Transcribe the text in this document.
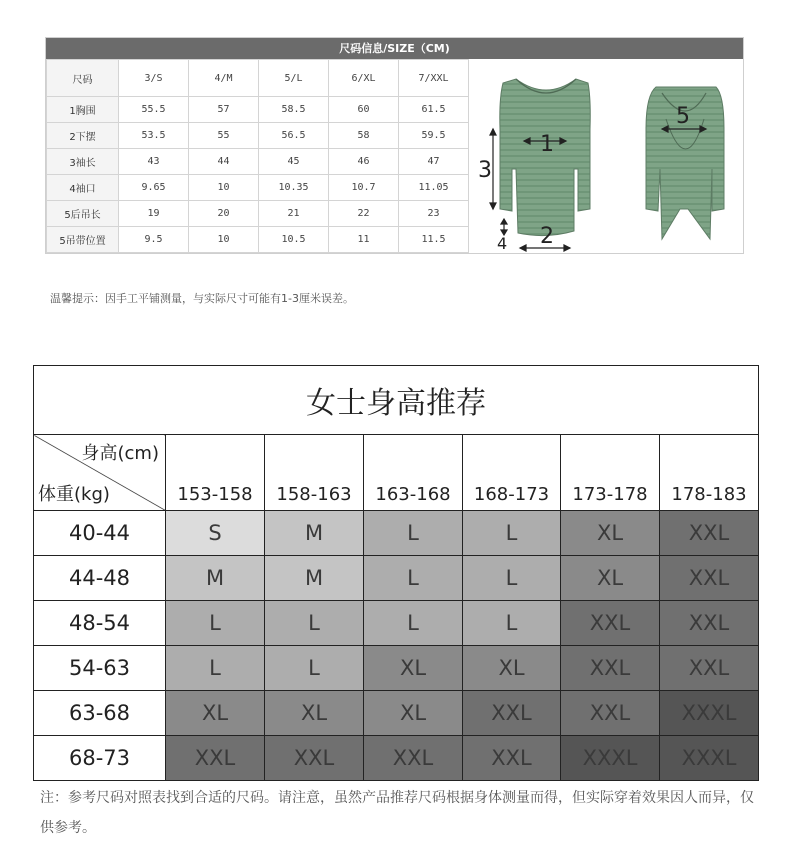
尺码信息/SIZE（CM)
尺码	3/S	4/M	5/L	6/XL	7/XXL
1胸围	55.5	57	58.5	60	61.5
2下摆	53.5	55	56.5	58	59.5
3袖长	43	44	45	46	47
4袖口	9.65	10	10.35	10.7	11.05
5后吊长	19	20	21	22	23
5吊带位置	9.5	10	10.5	11	11.5
1
2
3
4
5
温馨提示：因手工平铺测量，与实际尺寸可能有1-3厘米误差。
女士身高推荐						

身高(cm)
体重(kg)	153-158	158-163	163-168	168-173	173-178	178-183
40-44	S	M	L	L	XL	XXL
44-48	M	M	L	L	XL	XXL
48-54	L	L	L	L	XXL	XXL
54-63	L	L	XL	XL	XXL	XXL
63-68	XL	XL	XL	XXL	XXL	XXXL
68-73	XXL	XXL	XXL	XXL	XXXL	XXXL
注：参考尺码对照表找到合适的尺码。请注意，虽然产品推荐尺码根据身体测量而得，但实际穿着效果因人而异，仅供参考。
